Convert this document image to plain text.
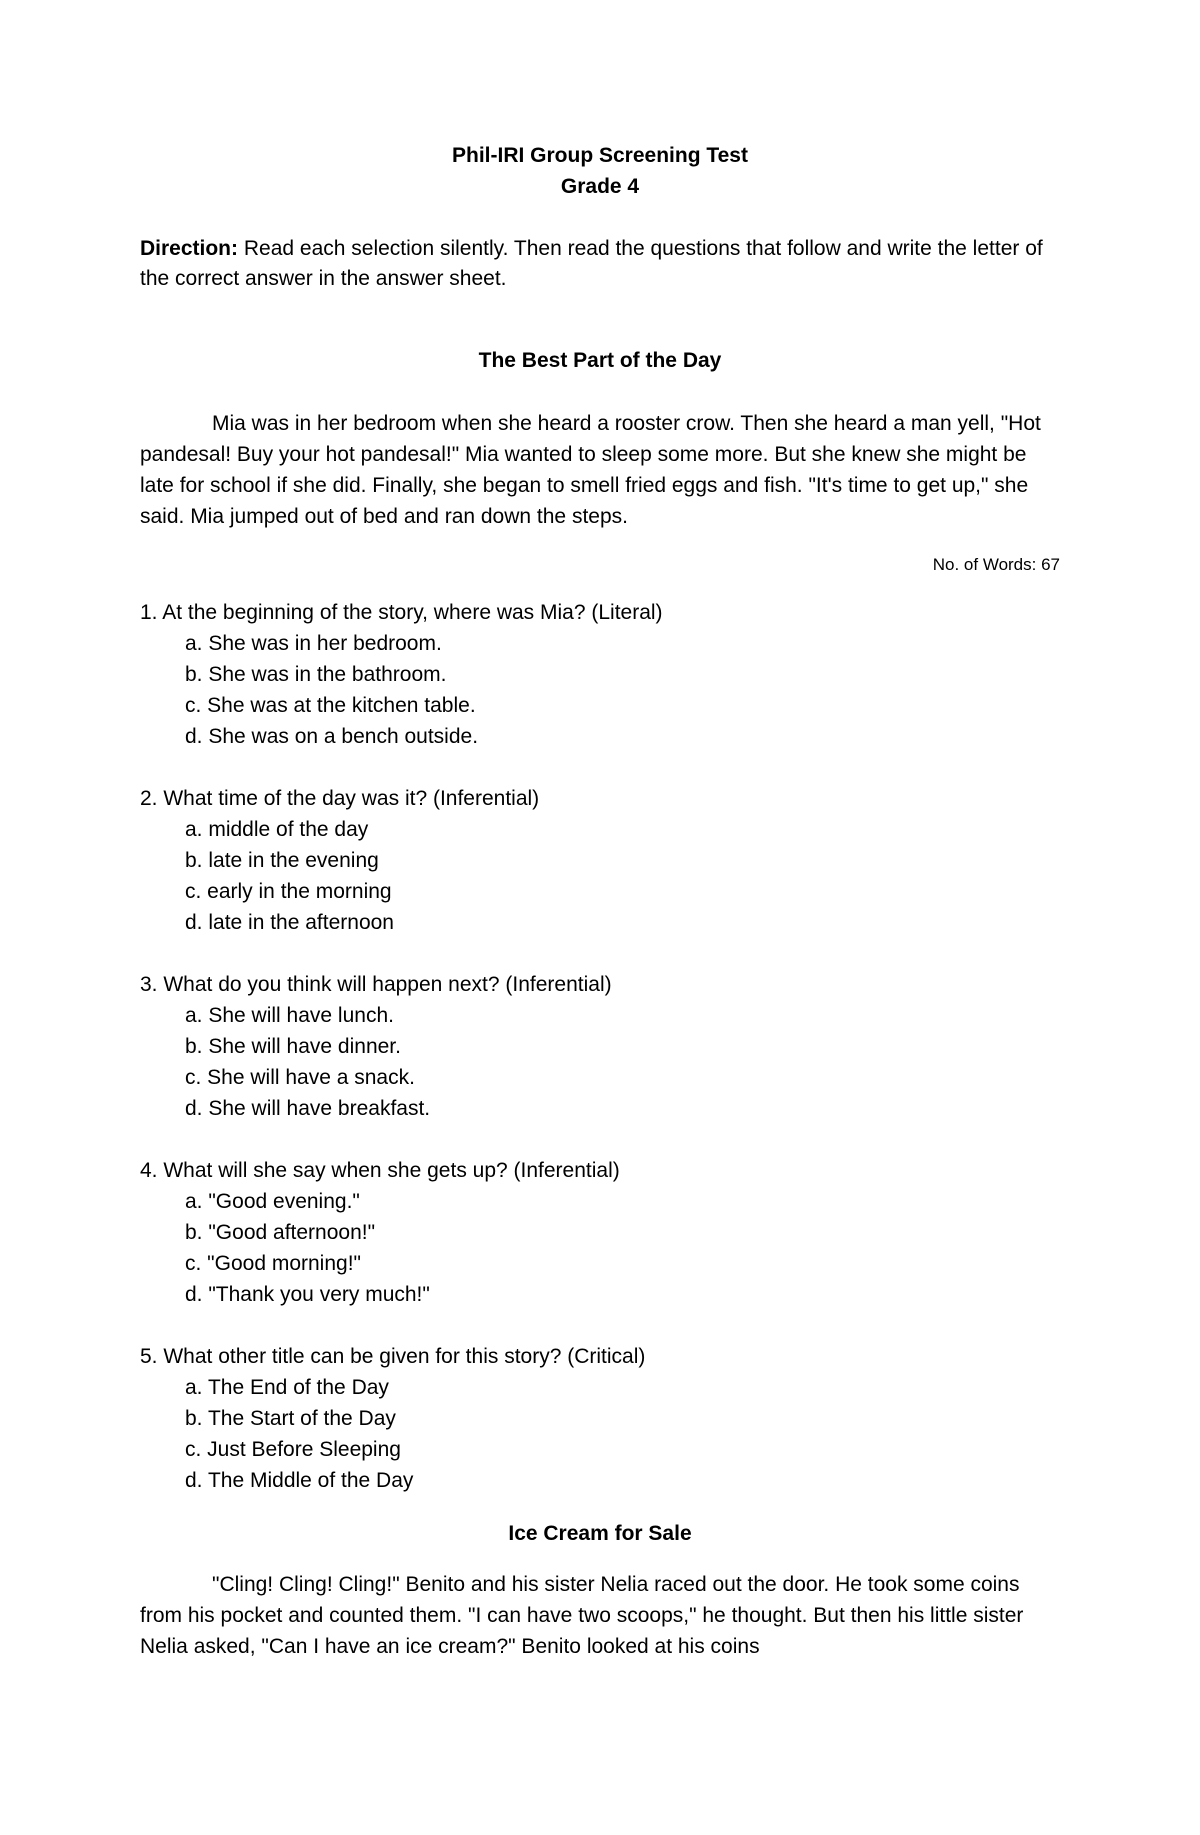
Phil-IRI Group Screening Test

Grade 4

Direction: Read each selection silently. Then read the questions that follow and write the letter of the correct answer in the answer sheet.

The Best Part of the Day

Mia was in her bedroom when she heard a rooster crow. Then she heard a man yell, "Hot pandesal! Buy your hot pandesal!" Mia wanted to sleep some more. But she knew she might be late for school if she did. Finally, she began to smell fried eggs and fish. "It's time to get up," she said. Mia jumped out of bed and ran down the steps.

No. of Words: 67

1. At the beginning of the story, where was Mia? (Literal)

a. She was in her bedroom.
b. She was in the bathroom.
c. She was at the kitchen table.
d. She was on a bench outside.

2. What time of the day was it? (Inferential)

a. middle of the day
b. late in the evening
c. early in the morning
d. late in the afternoon

3. What do you think will happen next? (Inferential)

a. She will have lunch.
b. She will have dinner.
c. She will have a snack.
d. She will have breakfast.

4. What will she say when she gets up? (Inferential)

a. "Good evening."
b. "Good afternoon!"
c. "Good morning!"
d. "Thank you very much!"

5. What other title can be given for this story? (Critical)

a. The End of the Day
b. The Start of the Day
c. Just Before Sleeping
d. The Middle of the Day

Ice Cream for Sale

"Cling! Cling! Cling!" Benito and his sister Nelia raced out the door. He took some coins from his pocket and counted them. "I can have two scoops," he thought. But then his little sister Nelia asked, "Can I have an ice cream?" Benito looked at his coins
